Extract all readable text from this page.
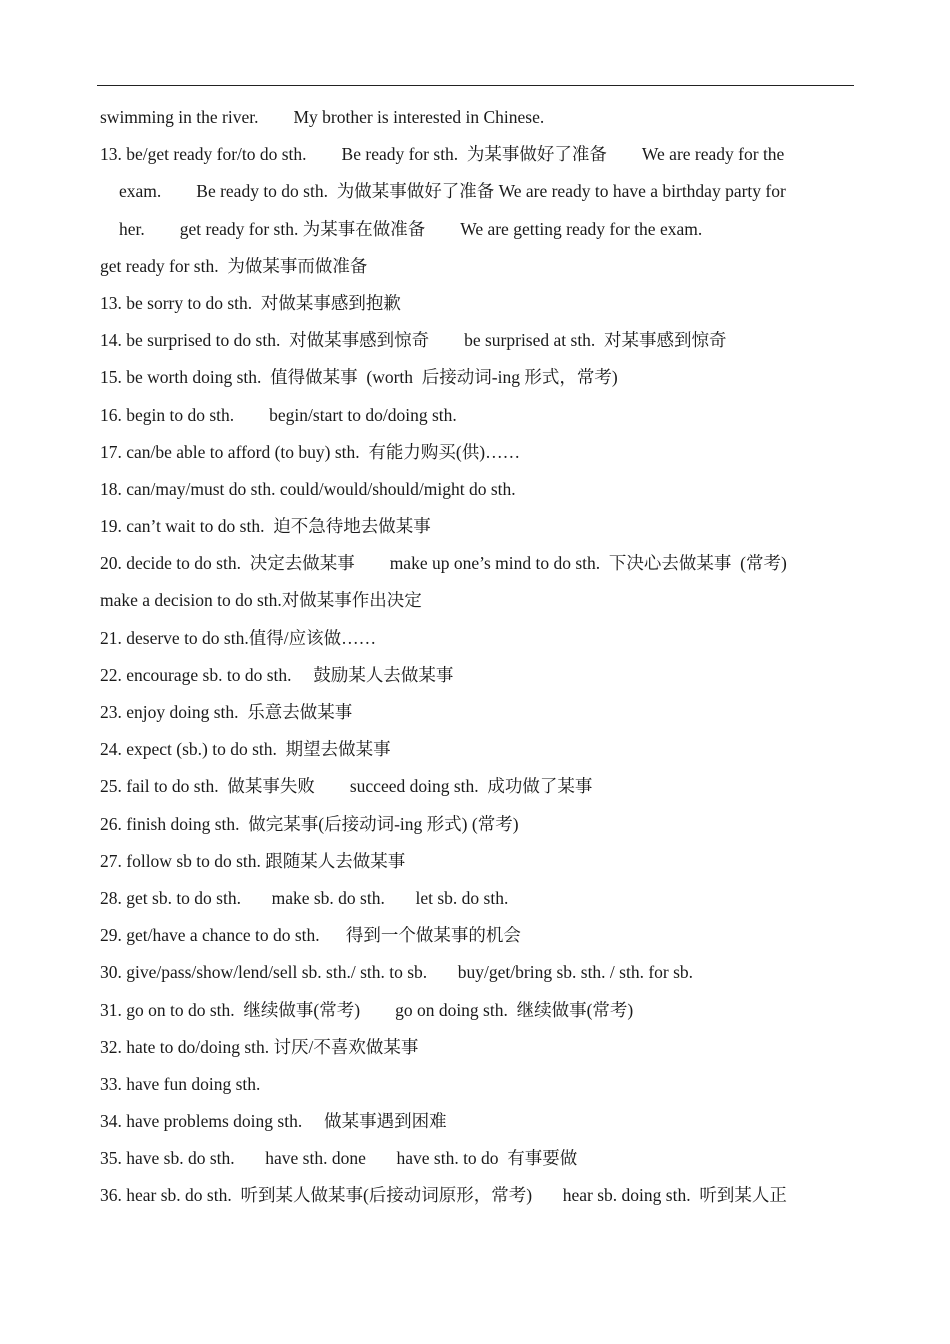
swimming in the river.        My brother is interested in Chinese.
13. be/get ready for/to do sth.        Be ready for sth.  为某事做好了准备        We are ready for the
exam.        Be ready to do sth.  为做某事做好了准备 We are ready to have a birthday party for
her.        get ready for sth. 为某事在做准备        We are getting ready for the exam.
get ready for sth.  为做某事而做准备
13. be sorry to do sth.  对做某事感到抱歉
14. be surprised to do sth.  对做某事感到惊奇        be surprised at sth.  对某事感到惊奇
15. be worth doing sth.  值得做某事  (worth  后接动词-ing 形式，常考)
16. begin to do sth.        begin/start to do/doing sth.
17. can/be able to afford (to buy) sth.  有能力购买(供)……
18. can/may/must do sth. could/would/should/might do sth.
19. can’t wait to do sth.  迫不急待地去做某事
20. decide to do sth.  决定去做某事        make up one’s mind to do sth.  下决心去做某事  (常考)
make a decision to do sth.对做某事作出决定
21. deserve to do sth.值得/应该做……
22. encourage sb. to do sth.     鼓励某人去做某事
23. enjoy doing sth.  乐意去做某事
24. expect (sb.) to do sth.  期望去做某事
25. fail to do sth.  做某事失败        succeed doing sth.  成功做了某事
26. finish doing sth.  做完某事(后接动词-ing 形式) (常考)
27. follow sb to do sth. 跟随某人去做某事
28. get sb. to do sth.       make sb. do sth.       let sb. do sth.
29. get/have a chance to do sth.      得到一个做某事的机会
30. give/pass/show/lend/sell sb. sth./ sth. to sb.       buy/get/bring sb. sth. / sth. for sb.
31. go on to do sth.  继续做事(常考)        go on doing sth.  继续做事(常考)
32. hate to do/doing sth. 讨厌/不喜欢做某事
33. have fun doing sth.
34. have problems doing sth.     做某事遇到困难
35. have sb. do sth.       have sth. done       have sth. to do  有事要做
36. hear sb. do sth.  听到某人做某事(后接动词原形，常考)       hear sb. doing sth.  听到某人正
